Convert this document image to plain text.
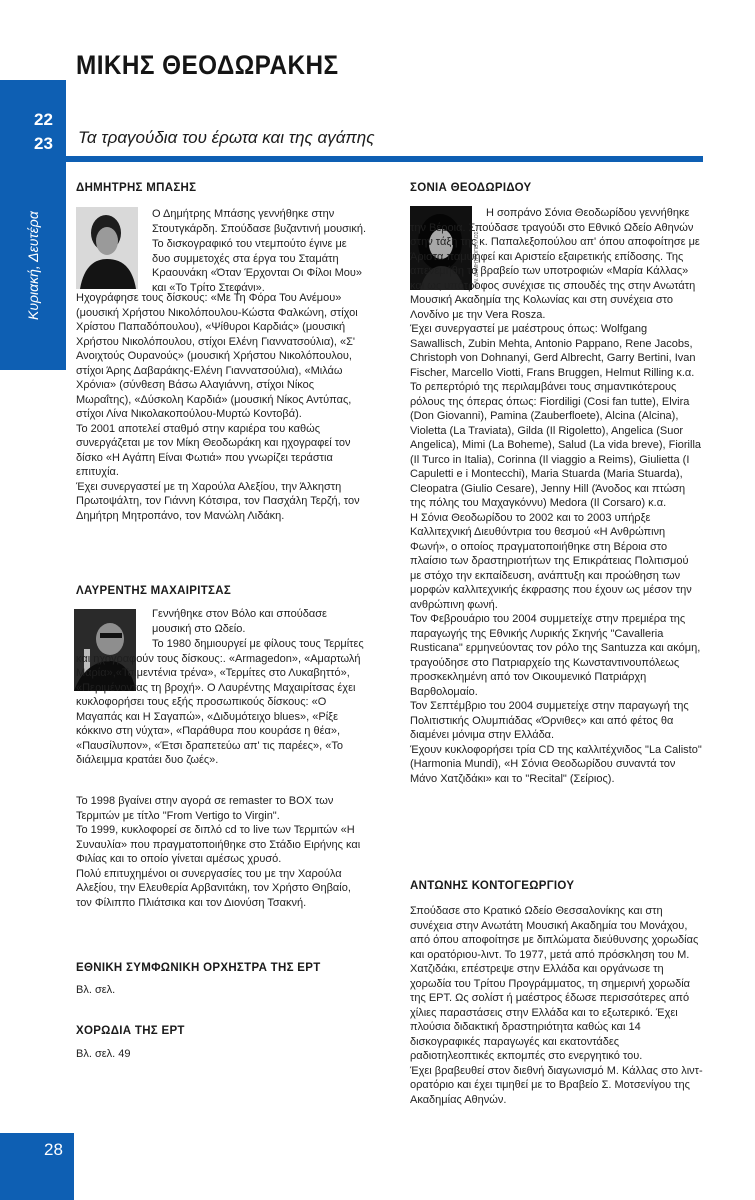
22
23
Κυριακή, Δευτέρα
ΜΙΚΗΣ ΘΕΟΔΩΡΑΚΗΣ
Τα τραγούδια του έρωτα και της αγάπης
ΔΗΜΗΤΡΗΣ ΜΠΑΣΗΣ
Ο Δημήτρης Μπάσης γεννήθηκε στην Στουτγκάρδη. Σπούδασε βυζαντινή μουσική.
Το δισκογραφικό του ντεμπούτο έγινε με δυο συμμετοχές στα έργα του Σταμάτη Κραουνάκη «Όταν Έρχονται Οι Φίλοι Μου» και «Το Τρίτο Στεφάνι».

Ηχογράφησε τους δίσκους: «Με Τη Φόρα Του Ανέμου» (μουσική Χρήστου Νικολόπουλου-Κώστα Φαλκώνη, στίχοι Χρίστου Παπαδόπουλου), «Ψίθυροι Καρδιάς» (μουσική Χρήστου Νικολόπουλου, στίχοι Ελένη Γιαννατσούλια), «Σ' Ανοιχτούς Ουρανούς» (μουσική Χρήστου Νικολόπουλου, στίχοι Άρης Δαβαράκης-Ελένη Γιαννατσούλια), «Μιλάω Χρόνια» (σύνθεση Βάσω Αλαγιάννη, στίχοι Νίκος Μωραΐτης), «Δύσκολη Καρδιά» (μουσική Νίκος Αντύπας, στίχοι Λίνα Νικολακοπούλου-Μυρτώ Κοντοβά).

Το 2001 αποτελεί σταθμό στην καριέρα του καθώς συνεργάζεται με τον Μίκη Θεοδωράκη και ηχογραφεί τον δίσκο «Η Αγάπη Είναι Φωτιά» που γνωρίζει τεράστια επιτυχία.

Έχει συνεργαστεί με τη Χαρούλα Αλεξίου, την Άλκηστη Πρωτοψάλτη, τον Γιάννη Κότσιρα, τον Πασχάλη Τερζή, τον Δημήτρη Μητροπάνο, τον Μανώλη Λιδάκη.

ΛΑΥΡΕΝΤΗΣ ΜΑΧΑΙΡΙΤΣΑΣ
Γεννήθηκε στον Βόλο και σπούδασε μουσική στο Ωδείο.
Το 1980 δημιουργεί με φίλους τους Τερμίτες και ηχογραφούν τους δίσκους:. «Armagedon», «Αμαρτωλή Μαρία»,«Τσιμεντένια τρένα», «Τερμίτες στο Λυκαβηττό», «Περιμένοντας τη βροχή». Ο Λαυρέντης Μαχαιρίτσας έχει κυκλοφορήσει τους εξής προσωπικούς δίσκους: «Ο Μαγαπάς και Η Σαγαπώ», «Διδυμότειχο blues», «Ρίξε κόκκινο στη νύχτα», «Παράθυρα που κουράσε η θέα», «Παυσίλυπον», «Έτσι δραπετεύω απ' τις παρέες», «Το διάλειμμα κρατάει δυο ζωές».

Το 1998 βγαίνει στην αγορά σε remaster το BOX των Τερμιτών με τίτλο "From Vertigo to Virgin".

Το 1999, κυκλοφορεί σε διπλό cd το live των Τερμιτών «Η Συναυλία» που πραγματοποιήθηκε στο Στάδιο Ειρήνης και Φιλίας και το οποίο γίνεται αμέσως χρυσό.

Πολύ επιτυχημένοι οι συνεργασίες του με την Χαρούλα Αλεξίου, την Ελευθερία Αρβανιτάκη, τον Χρήστο Θηβαίο, τον Φίλιππο Πλιάτσικα και τον Διονύση Τσακνή.

ΕΘΝΙΚΗ ΣΥΜΦΩΝΙΚΗ ΟΡΧΗΣΤΡΑ ΤΗΣ ΕΡΤ
Βλ. σελ.
ΧΟΡΩΔΙΑ ΤΗΣ ΕΡΤ
Βλ. σελ. 49
ΣΟΝΙΑ ΘΕΟΔΩΡΙΔΟΥ
© Ν. ΔΗΜΗΤΡΟΠΟΥΛΟΣ

Η σοπράνο Σόνια Θεοδωρίδου γεννήθηκε την Βέροια. Σπούδασε τραγούδι στο Εθνικό Ωδείο Αθηνών στην τάξη της κ. Παπαλεξοπούλου απ' όπου αποφοίτησε με Άριστα παμψηφεί και Αριστείο εξαιρετικής επίδοσης. Της απενεμήθη το βραβείο των υποτροφιών «Μαρία Κάλλας» και ως υπότροφος συνέχισε τις σπουδές της στην Ανωτάτη Μουσική Ακαδημία της Κολωνίας και στη συνέχεια στο Λονδίνο με την Vera Rosza.

Έχει συνεργαστεί με μαέστρους όπως: Wolfgang Sawallisch, Zubin Mehta, Antonio Pappano, Rene Jacobs, Christoph von Dohnanyi, Gerd Albrecht, Garry Bertini, Ivan Fischer, Marcello Viotti, Frans Bruggen, Helmut Rilling κ.α. Το ρεπερτόριό της περιλαμβάνει τους σημαντικότερους ρόλους της όπερας όπως: Fiordiligi (Cosi fan tutte), Elvira (Don Giovanni), Pamina (Zauberfloete), Alcina (Alcina), Violetta (La Traviata), Gilda (Il Rigoletto), Angelica (Suor Angelica), Mimi (La Boheme), Salud (La vida breve), Fiorilla (Il Turco in Italia), Corinna (Il viaggio a Reims), Giulietta (I Capuletti e i Montecchi), Maria Stuarda (Maria Stuarda), Cleopatra (Giulio Cesare), Jenny Hill (Άνοδος και πτώση της πόλης του Μαχαγκόννυ) Medora (Il Corsaro) κ.α.

Η Σόνια Θεοδωρίδου το 2002 και το 2003 υπήρξε Καλλιτεχνική Διευθύντρια του θεσμού «Η Ανθρώπινη Φωνή», ο οποίος πραγματοποιήθηκε στη Βέροια στο πλαίσιο των δραστηριοτήτων της Επικράτειας Πολιτισμού με στόχο την εκπαίδευση, ανάπτυξη και προώθηση των μορφών καλλιτεχνικής έκφρασης που έχουν ως μέσον την ανθρώπινη φωνή.

Τον Φεβρουάριο του 2004 συμμετείχε στην πρεμιέρα της παραγωγής της Εθνικής Λυρικής Σκηνής "Cavalleria Rusticana" ερμηνεύοντας τον ρόλο της Santuzza και ακόμη, τραγούδησε στο Πατριαρχείο της Κωνσταντινουπόλεως προσκεκλημένη από τον Οικουμενικό Πατριάρχη Βαρθολομαίο.

Τον Σεπτέμβριο του 2004 συμμετείχε στην παραγωγή της Πολιτιστικής Ολυμπιάδας «Όρνιθες» και από φέτος θα διαμένει μόνιμα στην Ελλάδα.

Έχουν κυκλοφορήσει τρία CD της καλλιτέχνιδος "La Calisto" (Harmonia Mundi), «Η Σόνια Θεοδωρίδου συναντά τον Μάνο Χατζιδάκι» και το "Recital" (Σείριος).

ΑΝΤΩΝΗΣ ΚΟΝΤΟΓΕΩΡΓΙΟΥ

Σπούδασε στο Κρατικό Ωδείο Θεσσαλονίκης και στη συνέχεια στην Ανωτάτη Μουσική Ακαδημία του Μονάχου, από όπου αποφοίτησε με διπλώματα διεύθυνσης χορωδίας και ορατόριου-λιντ. Το 1977, μετά από πρόσκληση του Μ. Χατζιδάκι, επέστρεψε στην Ελλάδα και οργάνωσε τη χορωδία του Τρίτου Προγράμματος, τη σημερινή χορωδία της ΕΡΤ. Ως σολίστ ή μαέστρος έδωσε περισσότερες από χίλιες παραστάσεις στην Ελλάδα και το εξωτερικό. Έχει πλούσια διδακτική δραστηριότητα καθώς και 14 δισκογραφικές παραγωγές και εκατοντάδες ραδιοτηλεοπτικές εκπομπές στο ενεργητικό του.

Έχει βραβευθεί στον διεθνή διαγωνισμό Μ. Κάλλας στο λιντ-ορατόριο και έχει τιμηθεί με το Βραβείο Σ. Μοτσενίγου της Ακαδημίας Αθηνών.

28
